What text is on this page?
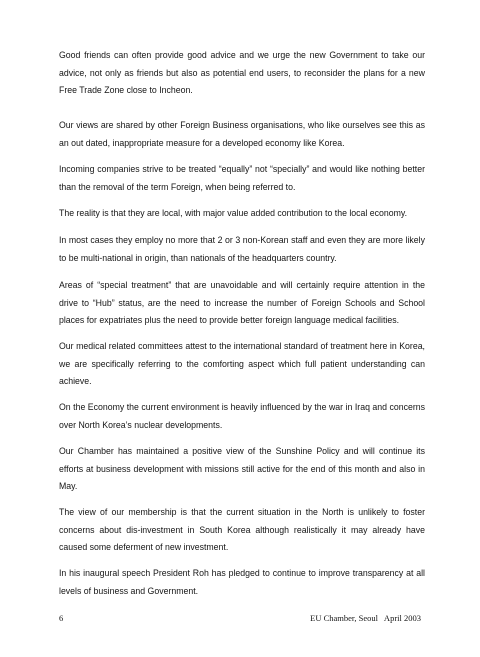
Good friends can often provide good advice and we urge the new Government to take our advice, not only as friends but also as potential end users, to reconsider the plans for a new Free Trade Zone close to Incheon.

Our views are shared by other Foreign Business organisations, who like ourselves see this as an out dated, inappropriate measure for a developed economy like Korea.

Incoming companies strive to be treated “equally” not “specially” and would like nothing better than the removal of the term Foreign, when being referred to.

The reality is that they are local, with major value added contribution to the local economy.

In most cases they employ no more that 2 or 3 non-Korean staff and even they are more likely to be multi-national in origin, than nationals of the headquarters country.

Areas of “special treatment” that are unavoidable and will certainly require attention in the drive to “Hub” status, are the need to increase the number of Foreign Schools and School places for expatriates plus the need to provide better foreign language medical facilities.

Our medical related committees attest to the international standard of treatment here in Korea, we are specifically referring to the comforting aspect which full patient understanding can achieve.

On the Economy the current environment is heavily influenced by the war in Iraq and concerns over North Korea’s nuclear developments.

Our Chamber has maintained a positive view of the Sunshine Policy and will continue its efforts at business development with missions still active for the end of this month and also in May.

The view of our membership is that the current situation in the North is unlikely to foster concerns about dis-investment in South Korea although realistically it may already have caused some deferment of new investment.

In his inaugural speech President Roh has pledged to continue to improve transparency at all levels of business and Government.

6	EU Chamber, Seoul   April 2003
